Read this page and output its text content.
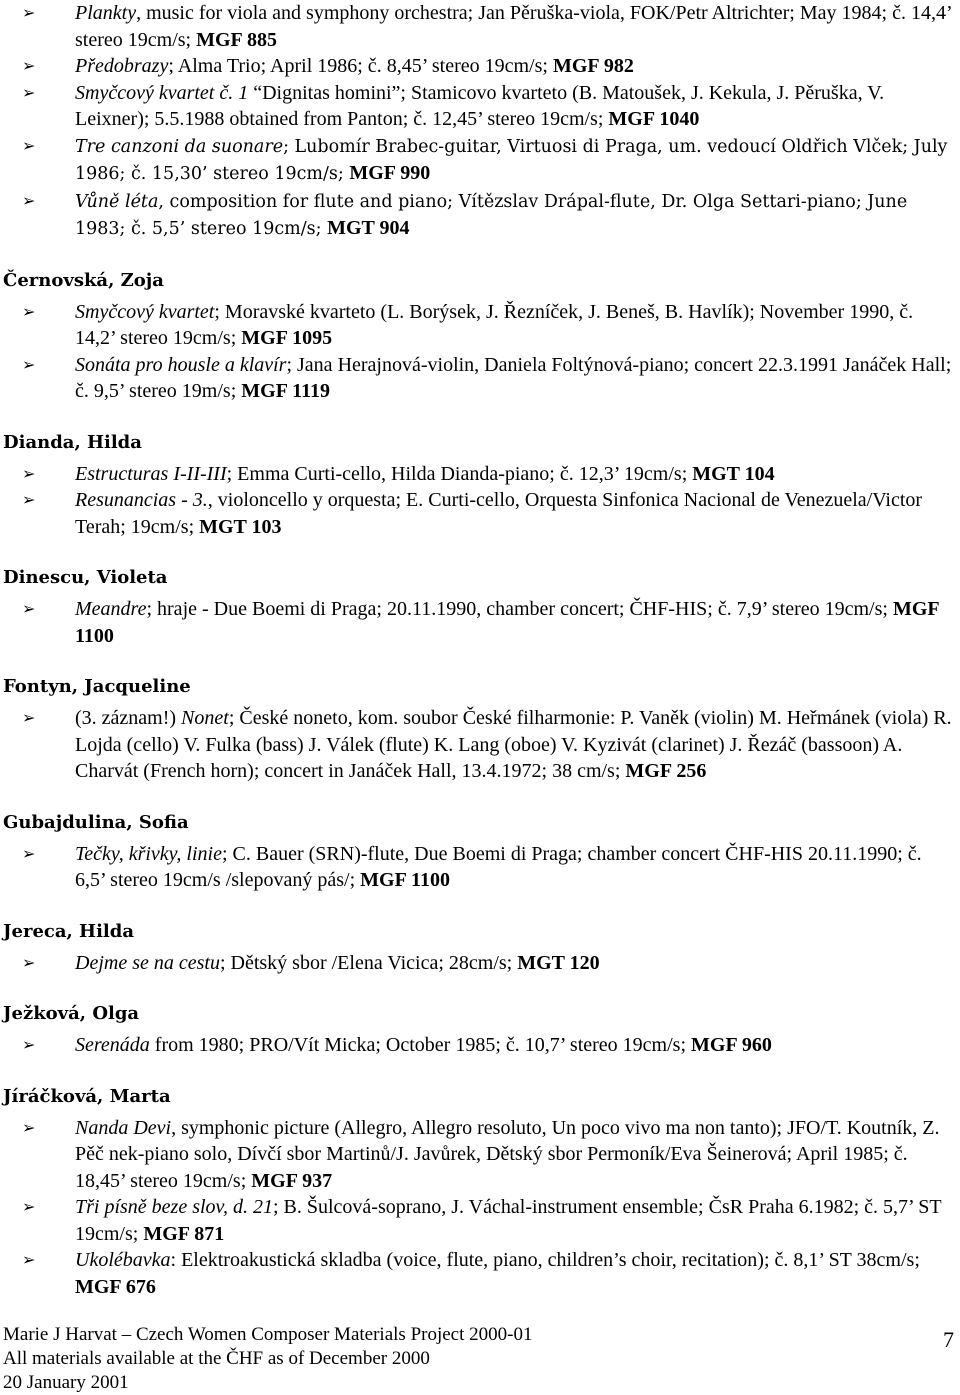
➢ Plankty, music for viola and symphony orchestra; Jan Pěruška-viola, FOK/Petr Altrichter; May 1984; č. 14,4’ stereo 19cm/s; MGF 885

➢ Předobrazy; Alma Trio; April 1986; č. 8,45’ stereo 19cm/s; MGF 982

➢ Smyčcový kvartet č. 1 “Dignitas homini”; Stamicovo kvarteto (B. Matoušek, J. Kekula, J. Pěruška, V. Leixner); 5.5.1988 obtained from Panton; č. 12,45’ stereo 19cm/s; MGF 1040

➢ Tre canzoni da suonare; Lubomír Brabec-guitar, Virtuosi di Praga, um. vedoucí Oldřich Vlček; July 1986; č. 15,30’ stereo 19cm/s; MGF 990

➢ Vůně léta, composition for flute and piano; Vítězslav Drápal-flute, Dr. Olga Settari-piano; June 1983; č. 5,5’ stereo 19cm/s; MGT 904

Černovská, Zoja

➢ Smyčcový kvartet; Moravské kvarteto (L. Borýsek, J. Řezníček, J. Beneš, B. Havlík); November 1990, č. 14,2’ stereo 19cm/s; MGF 1095

➢ Sonáta pro housle a klavír; Jana Herajnová-violin, Daniela Foltýnová-piano; concert 22.3.1991 Janáček Hall; č. 9,5’ stereo 19m/s; MGF 1119

Dianda, Hilda

➢ Estructuras I-II-III; Emma Curti-cello, Hilda Dianda-piano; č. 12,3’ 19cm/s; MGT 104

➢ Resunancias - 3., violoncello y orquesta; E. Curti-cello, Orquesta Sinfonica Nacional de Venezuela/Victor Terah; 19cm/s; MGT 103

Dinescu, Violeta

➢ Meandre; hraje - Due Boemi di Praga; 20.11.1990, chamber concert; ČHF-HIS; č. 7,9’ stereo 19cm/s; MGF 1100

Fontyn, Jacqueline

➢ (3. záznam!) Nonet; České noneto, kom. soubor České filharmonie: P. Vaněk (violin) M. Heřmánek (viola) R. Lojda (cello) V. Fulka (bass) J. Válek (flute) K. Lang (oboe) V. Kyzivát (clarinet) J. Řezáč (bassoon) A. Charvát (French horn); concert in Janáček Hall, 13.4.1972; 38 cm/s; MGF 256

Gubajdulina, Sofia

➢ Tečky, křivky, linie; C. Bauer (SRN)-flute, Due Boemi di Praga; chamber concert ČHF-HIS 20.11.1990; č. 6,5’ stereo 19cm/s /slepovaný pás/; MGF 1100

Jereca, Hilda

➢ Dejme se na cestu; Dětský sbor /Elena Vicica; 28cm/s; MGT 120

Ježková, Olga

➢ Serenáda from 1980; PRO/Vít Micka; October 1985; č. 10,7’ stereo 19cm/s; MGF 960

Jíráčková, Marta

➢ Nanda Devi, symphonic picture (Allegro, Allegro resoluto, Un poco vivo ma non tanto); JFO/T. Koutník, Z. Pěč nek-piano solo, Dívčí sbor Martinů/J. Javůrek, Dětský sbor Permoník/Eva Šeinerová; April 1985; č. 18,45’ stereo 19cm/s; MGF 937

➢ Tři písně beze slov, d. 21; B. Šulcová-soprano, J. Váchal-instrument ensemble; ČsR Praha 6.1982; č. 5,7’ ST 19cm/s; MGF 871

➢ Ukolébavka: Elektroakustická skladba (voice, flute, piano, children’s choir, recitation); č. 8,1’ ST 38cm/s; MGF 676

Marie J Harvat – Czech Women Composer Materials Project 2000-01
All materials available at the ČHF as of December 2000
20 January 2001
7
